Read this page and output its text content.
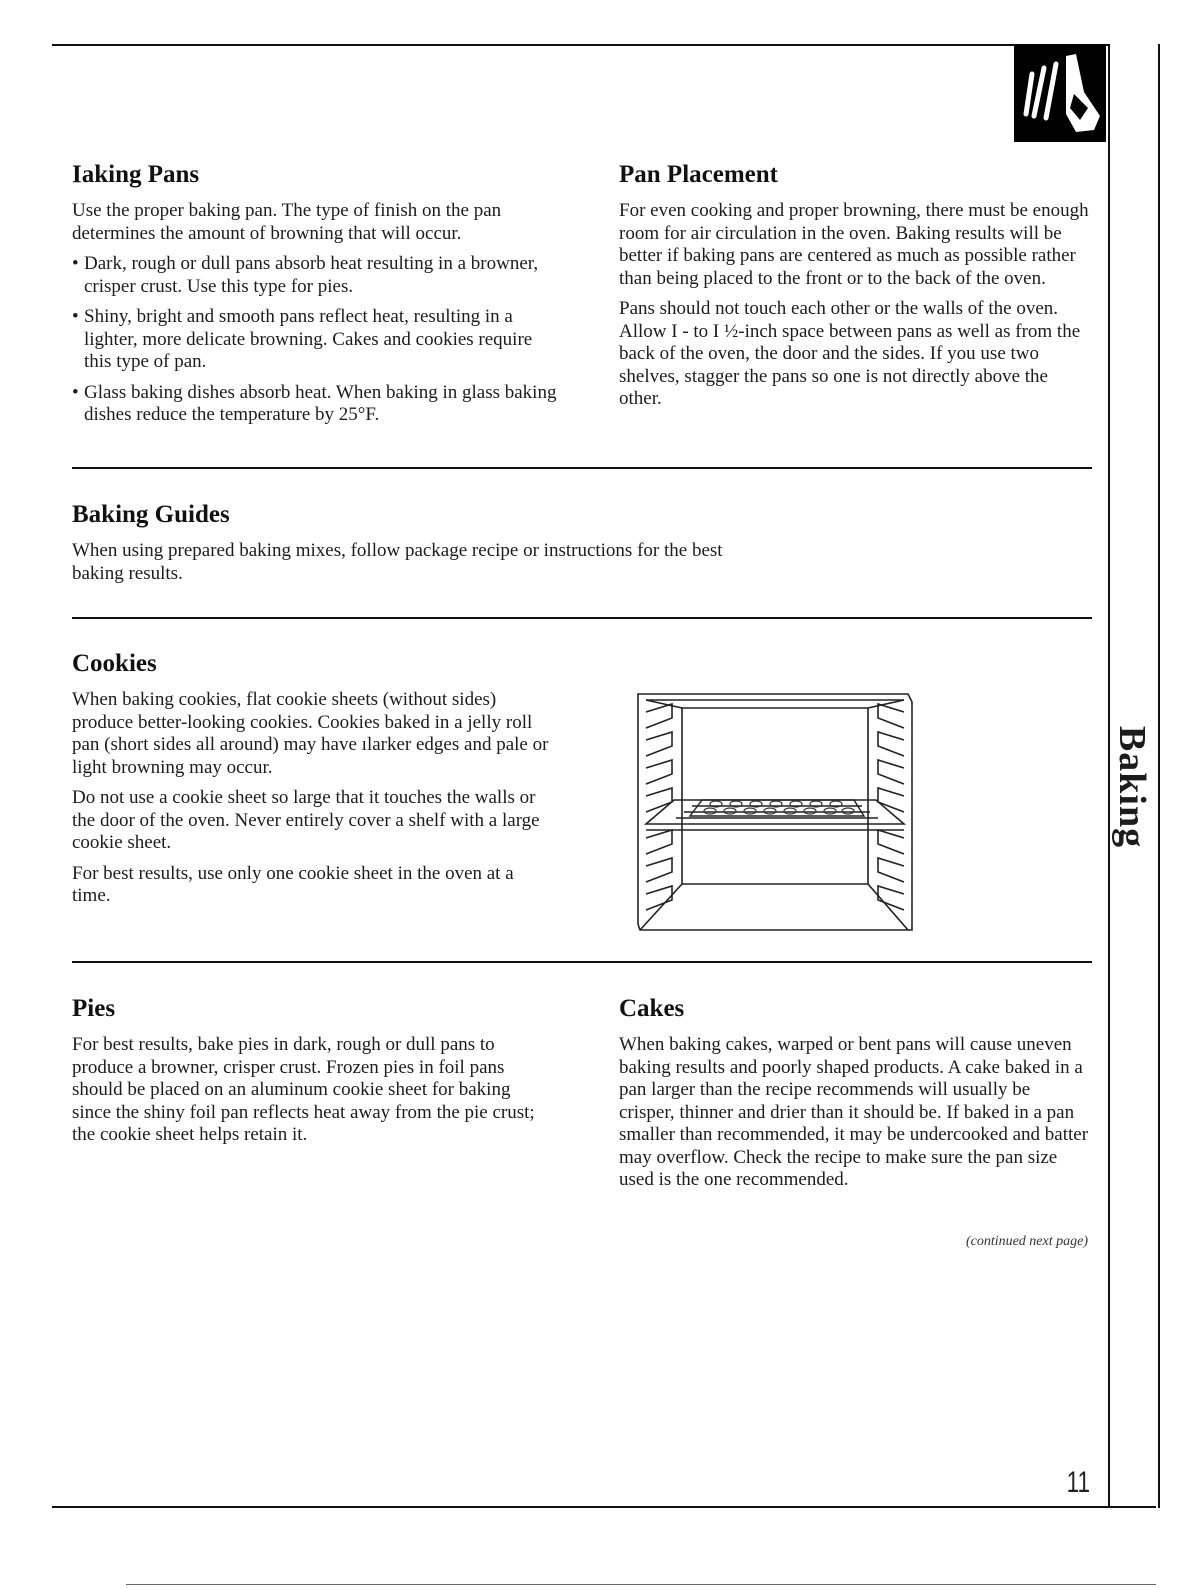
Baking
Ιaking Pans

Use the proper baking pan. The type of finish on the pan determines the amount of browning that will occur.

• Dark, rough or dull pans absorb heat resulting in a browner, crisper crust. Use this type for pies.
• Shiny, bright and smooth pans reflect heat, resulting in a lighter, more delicate browning. Cakes and cookies require this type of pan.
• Glass baking dishes absorb heat. When baking in glass baking dishes reduce the temperature by 25°F.
Pan Placement

For even cooking and proper browning, there must be enough room for air circulation in the oven. Baking results will be better if baking pans are centered as much as possible rather than being placed to the front or to the back of the oven.

Pans should not touch each other or the walls of the oven. Allow I - to I ½-inch space between pans as well as from the back of the oven, the door and the sides. If you use two shelves, stagger the pans so one is not directly above the other.

Baking Guides

When using prepared baking mixes, follow package recipe or instructions for the best baking results.

Cookies

When baking cookies, flat cookie sheets (without sides) produce better-looking cookies. Cookies baked in a jelly roll pan (short sides all around) may have ılarker edges and pale or light browning may occur.

Do not use a cookie sheet so large that it touches the walls or the door of the oven. Never entirely cover a shelf with a large cookie sheet.

For best results, use only one cookie sheet in the oven at a time.

Pies

For best results, bake pies in dark, rough or dull pans to produce a browner, crisper crust. Frozen pies in foil pans should be placed on an aluminum cookie sheet for baking since the shiny foil pan reflects heat away from the pie crust; the cookie sheet helps retain it.

Cakes

When baking cakes, warped or bent pans will cause uneven baking results and poorly shaped products. A cake baked in a pan larger than the recipe recommends will usually be crisper, thinner and drier than it should be. If baked in a pan smaller than recommended, it may be undercooked and batter may overflow. Check the recipe to make sure the pan size used is the one recommended.

(continued next page)
11
